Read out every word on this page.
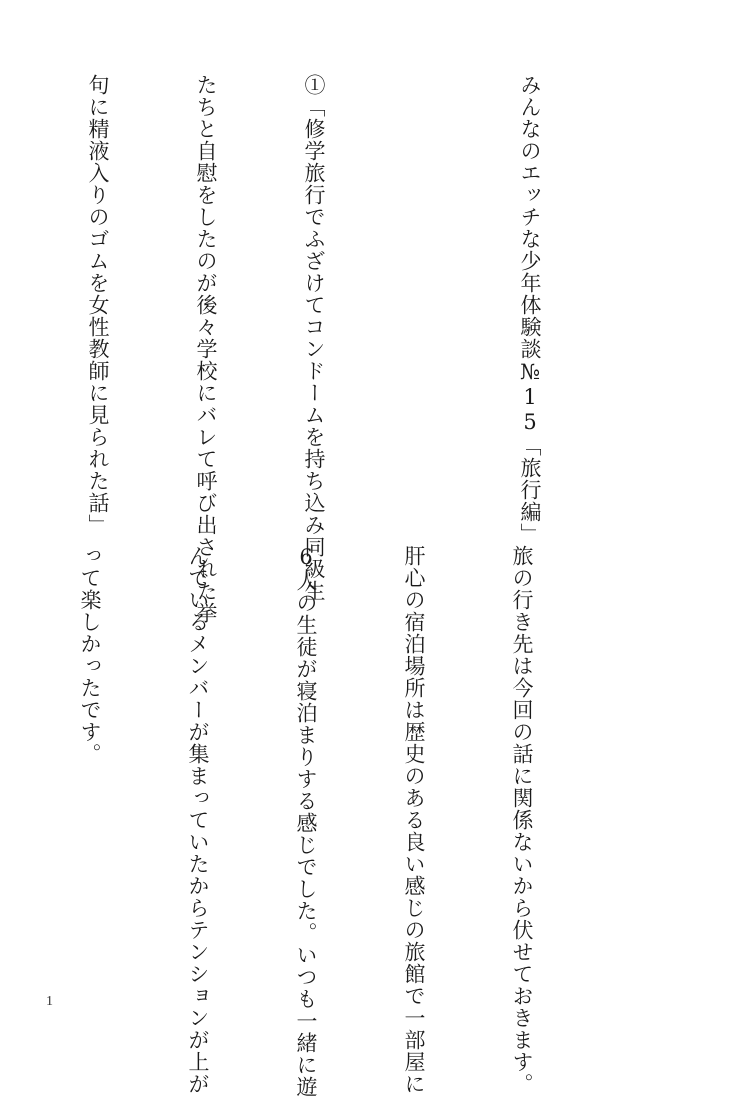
みんなのエッチな少年体験談№15「旅行編」

①「修学旅行でふざけてコンドームを持ち込み同級生

たちと自慰をしたのが後々学校にバレて呼び出された挙

句に精液入りのゴムを女性教師に見られた話」

旅の行き先は今回の話に関係ないから伏せておきます。

肝心の宿泊場所は歴史のある良い感じの旅館で一部屋に

6人の生徒が寝泊まりする感じでした。いつも一緒に遊

んでいるメンバーが集まっていたからテンションが上が

って楽しかったです。

1
